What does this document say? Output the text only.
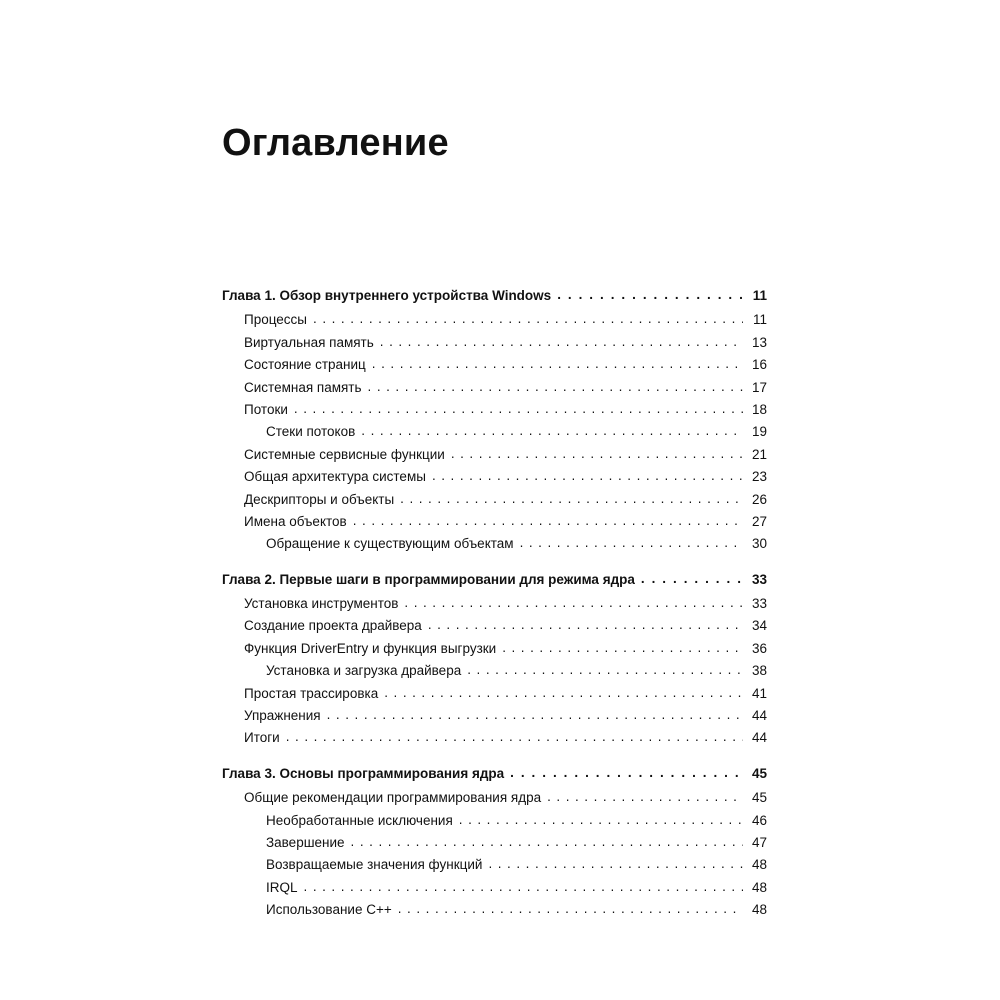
Оглавление
Глава 1. Обзор внутреннего устройства Windows . . .	11
Процессы . . .	11
Виртуальная память . . .	13
Состояние страниц . . .	16
Системная память . . .	17
Потоки . . .	18
Стеки потоков . . .	19
Системные сервисные функции . . .	21
Общая архитектура системы . . .	23
Дескрипторы и объекты . . .	26
Имена объектов . . .	27
Обращение к существующим объектам . . .	30
Глава 2. Первые шаги в программировании для режима ядра . . .	33
Установка инструментов . . .	33
Создание проекта драйвера . . .	34
Функция DriverEntry и функция выгрузки . . .	36
Установка и загрузка драйвера . . .	38
Простая трассировка . . .	41
Упражнения . . .	44
Итоги . . .	44
Глава 3. Основы программирования ядра . . .	45
Общие рекомендации программирования ядра . . .	45
Необработанные исключения . . .	46
Завершение . . .	47
Возвращаемые значения функций . . .	48
IRQL . . .	48
Использование C++ . . .	48
